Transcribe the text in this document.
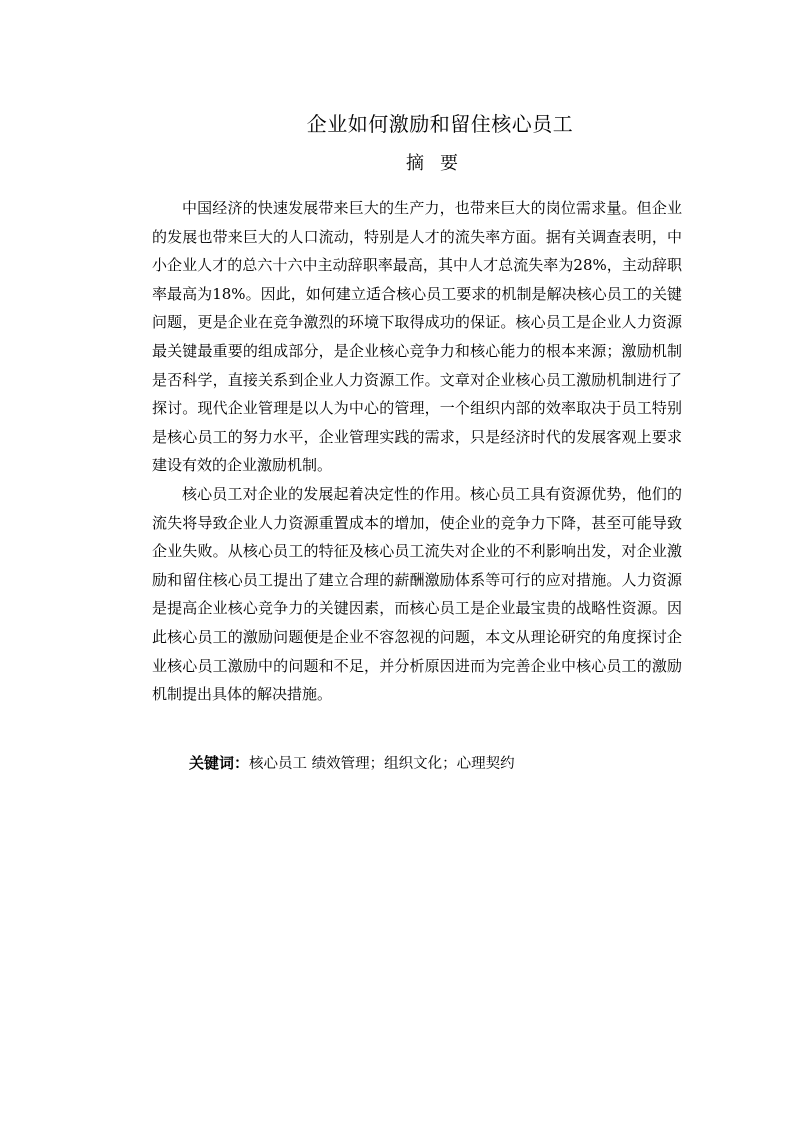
企业如何激励和留住核心员工
摘要

中国经济的快速发展带来巨大的生产力，也带来巨大的岗位需求量。但企业的发展也带来巨大的人口流动，特别是人才的流失率方面。据有关调查表明，中小企业人才的总六十六中主动辞职率最高，其中人才总流失率为28%，主动辞职率最高为18%。因此，如何建立适合核心员工要求的机制是解决核心员工的关键问题，更是企业在竞争激烈的环境下取得成功的保证。核心员工是企业人力资源最关键最重要的组成部分，是企业核心竞争力和核心能力的根本来源；激励机制是否科学，直接关系到企业人力资源工作。文章对企业核心员工激励机制进行了探讨。现代企业管理是以人为中心的管理，一个组织内部的效率取决于员工特别是核心员工的努力水平，企业管理实践的需求，只是经济时代的发展客观上要求建设有效的企业激励机制。

核心员工对企业的发展起着决定性的作用。核心员工具有资源优势，他们的流失将导致企业人力资源重置成本的增加，使企业的竞争力下降，甚至可能导致企业失败。从核心员工的特征及核心员工流失对企业的不利影响出发，对企业激励和留住核心员工提出了建立合理的薪酬激励体系等可行的应对措施。人力资源是提高企业核心竞争力的关键因素，而核心员工是企业最宝贵的战略性资源。因此核心员工的激励问题便是企业不容忽视的问题，本文从理论研究的角度探讨企业核心员工激励中的问题和不足，并分析原因进而为完善企业中核心员工的激励机制提出具体的解决措施。

关键词：核心员工 绩效管理；组织文化；心理契约
